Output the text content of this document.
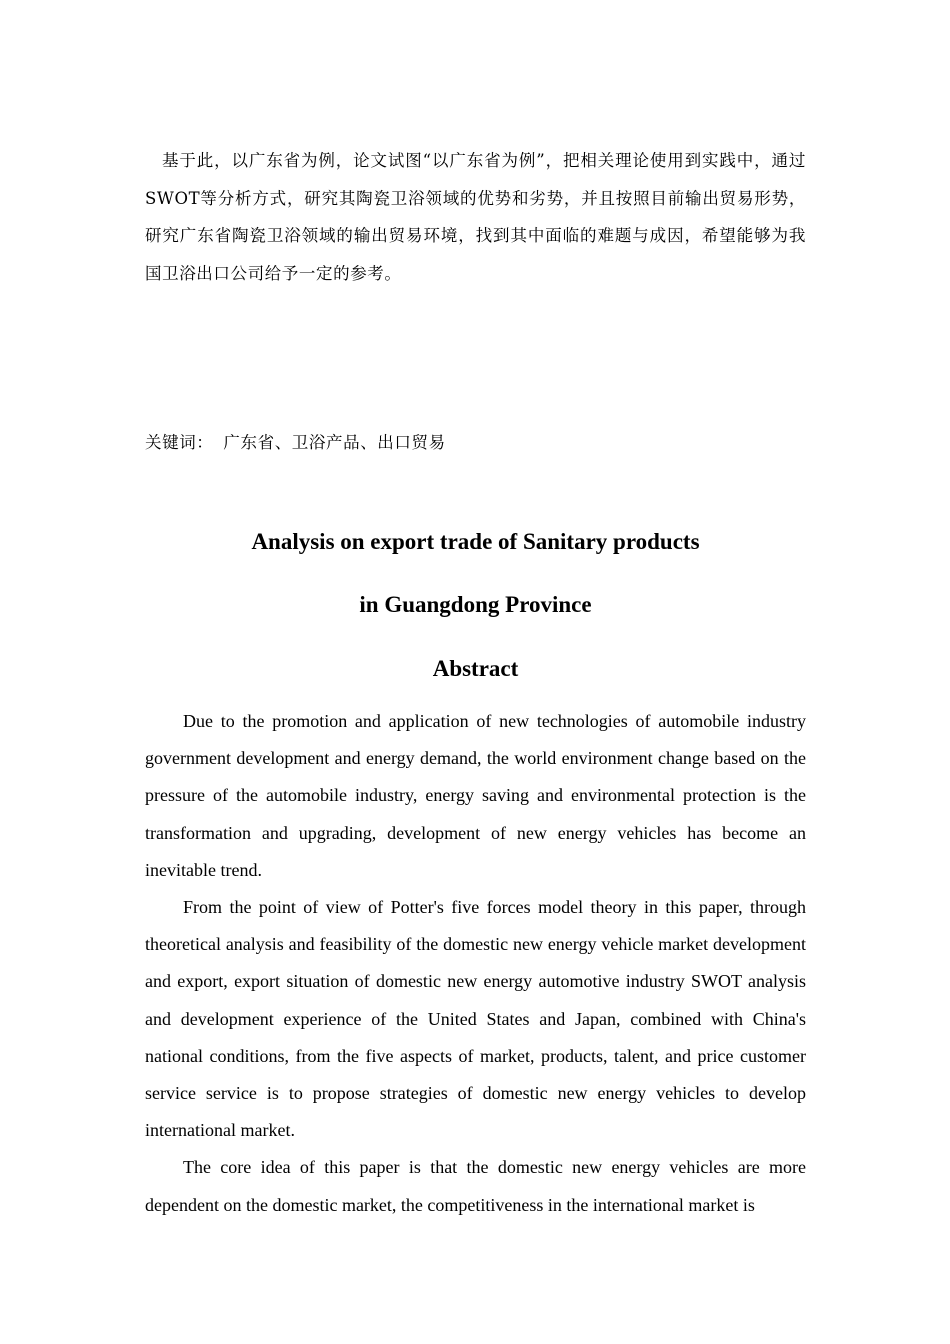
基于此，以广东省为例，论文试图“以广东省为例”，把相关理论使用到实践中，通过SWOT等分析方式，研究其陶瓷卫浴领域的优势和劣势，并且按照目前输出贸易形势，研究广东省陶瓷卫浴领域的输出贸易环境，找到其中面临的难题与成因，希望能够为我国卫浴出口公司给予一定的参考。

关键词： 广东省、卫浴产品、出口贸易

Analysis on export trade of Sanitary products
in Guangdong Province
Abstract

Due to the promotion and application of new technologies of automobile industry government development and energy demand, the world environment change based on the pressure of the automobile industry, energy saving and environmental protection is the transformation and upgrading, development of new energy vehicles has become an inevitable trend.

From the point of view of Potter's five forces model theory in this paper, through theoretical analysis and feasibility of the domestic new energy vehicle market development and export, export situation of domestic new energy automotive industry SWOT analysis and development experience of the United States and Japan, combined with China's national conditions, from the five aspects of market, products, talent, and price customer service service is to propose strategies of domestic new energy vehicles to develop international market.

The core idea of this paper is that the domestic new energy vehicles are more dependent on the domestic market, the competitiveness in the international market is
